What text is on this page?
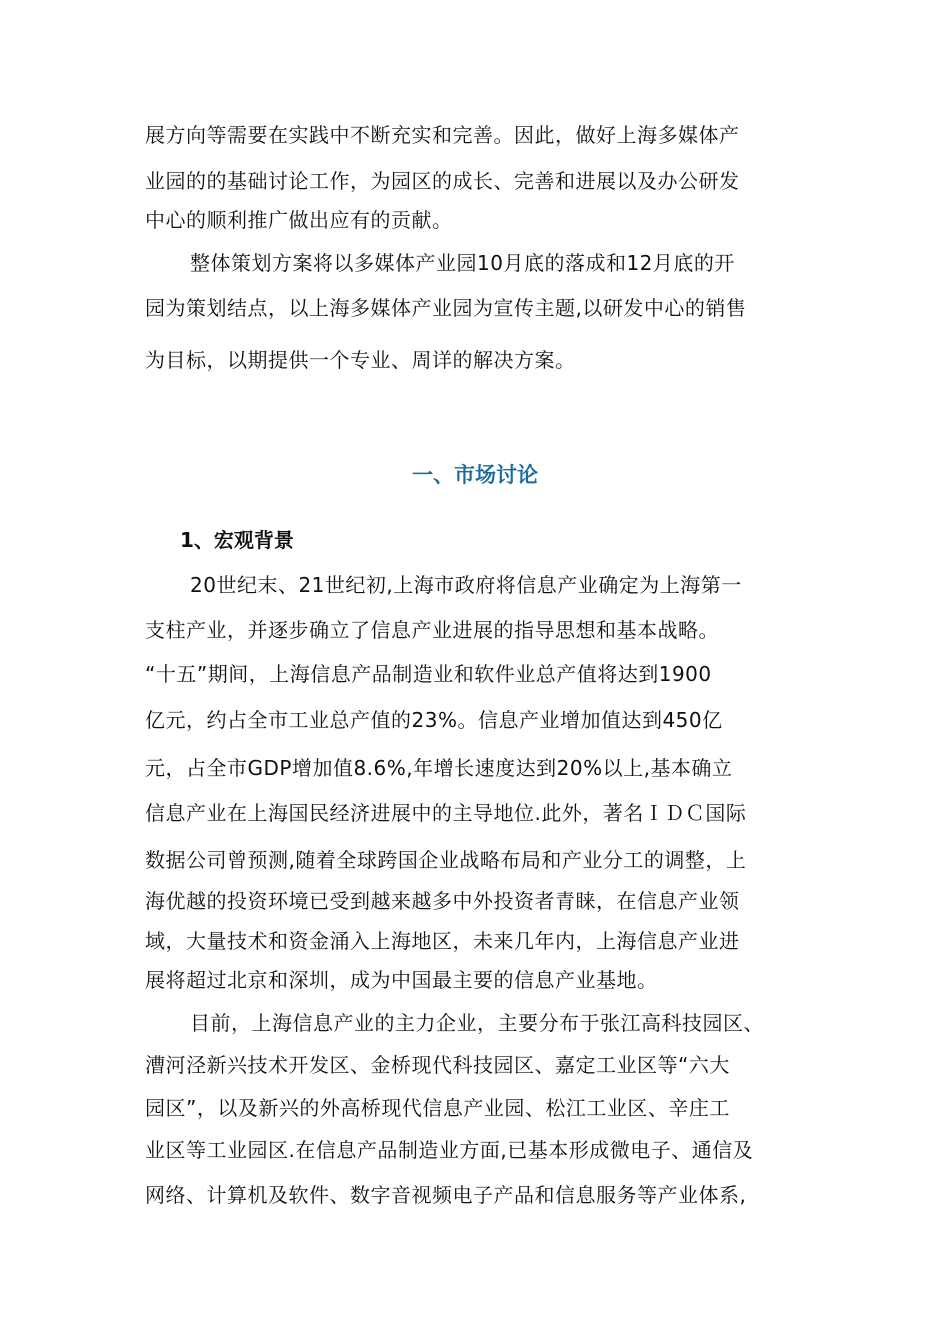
展方向等需要在实践中不断充实和完善。因此，做好上海多媒体产
业园的的基础讨论工作，为园区的成长、完善和进展以及办公研发
中心的顺利推广做出应有的贡献。
整体策划方案将以多媒体产业园10月底的落成和12月底的开
园为策划结点，以上海多媒体产业园为宣传主题,以研发中心的销售
为目标，以期提供一个专业、周详的解决方案。
一、市场讨论
1、宏观背景
20世纪末、21世纪初,上海市政府将信息产业确定为上海第一
支柱产业，并逐步确立了信息产业进展的指导思想和基本战略。
“十五”期间，上海信息产品制造业和软件业总产值将达到1900
亿元，约占全市工业总产值的23%。信息产业增加值达到450亿
元，占全市GDP增加值8.6%,年增长速度达到20%以上,基本确立
信息产业在上海国民经济进展中的主导地位.此外，著名ＩＤＣ国际
数据公司曾预测,随着全球跨国企业战略布局和产业分工的调整，上
海优越的投资环境已受到越来越多中外投资者青睐，在信息产业领
域，大量技术和资金涌入上海地区，未来几年内，上海信息产业进
展将超过北京和深圳，成为中国最主要的信息产业基地。
目前，上海信息产业的主力企业，主要分布于张江高科技园区、
漕河泾新兴技术开发区、金桥现代科技园区、嘉定工业区等“六大
园区”，以及新兴的外高桥现代信息产业园、松江工业区、辛庄工
业区等工业园区.在信息产品制造业方面,已基本形成微电子、通信及
网络、计算机及软件、数字音视频电子产品和信息服务等产业体系,
